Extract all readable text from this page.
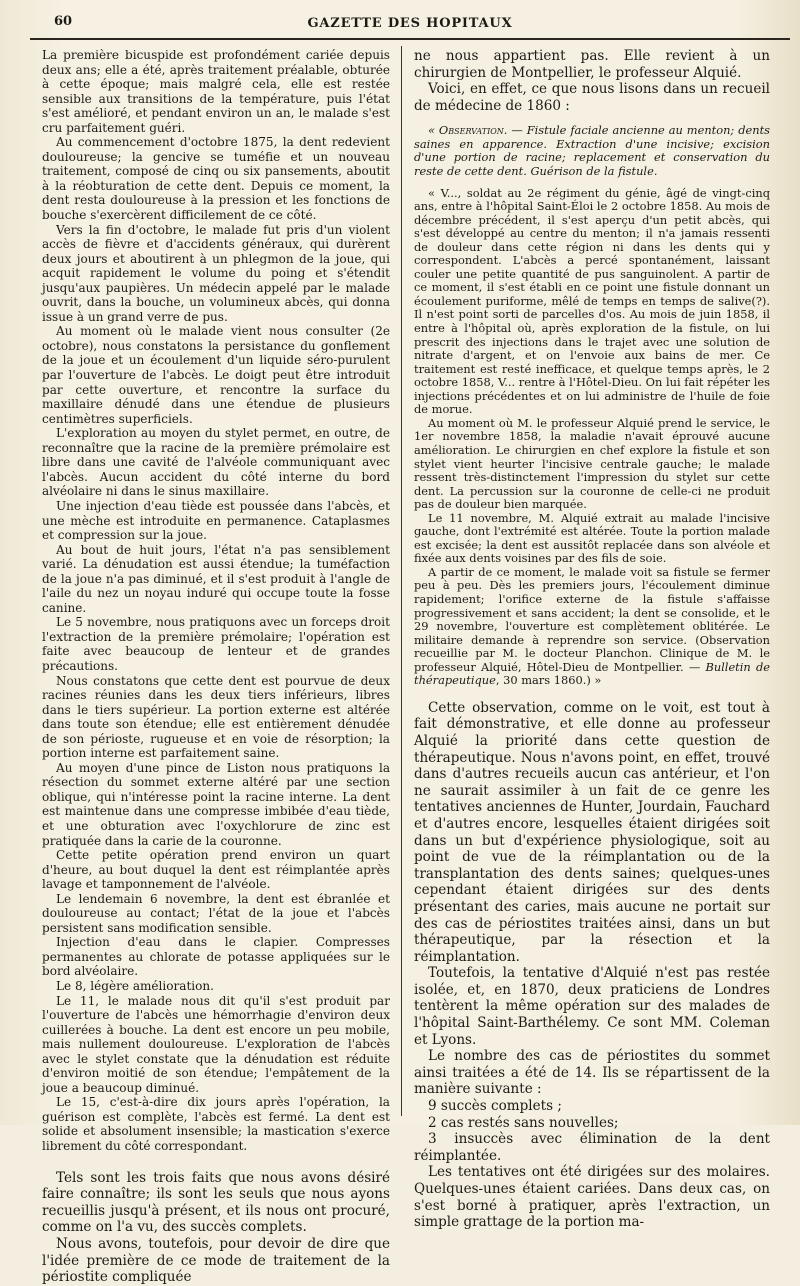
60	GAZETTE DES HOPITAUX

La première bicuspide est profondément cariée depuis deux ans; elle a été, après traitement préalable, obturée à cette époque; mais malgré cela, elle est restée sensible aux transitions de la température, puis l'état s'est amélioré, et pendant environ un an, le malade s'est cru parfaitement guéri.

Au commencement d'octobre 1875, la dent redevient douloureuse; la gencive se tuméfie et un nouveau traitement, composé de cinq ou six pansements, aboutit à la réobturation de cette dent. Depuis ce moment, la dent resta douloureuse à la pression et les fonctions de bouche s'exercèrent difficilement de ce côté.

Vers la fin d'octobre, le malade fut pris d'un violent accès de fièvre et d'accidents généraux, qui durèrent deux jours et aboutirent à un phlegmon de la joue, qui acquit rapidement le volume du poing et s'étendit jusqu'aux paupières. Un médecin appelé par le malade ouvrit, dans la bouche, un volumineux abcès, qui donna issue à un grand verre de pus.

Au moment où le malade vient nous consulter (2e octobre), nous constatons la persistance du gonflement de la joue et un écoulement d'un liquide séro-purulent par l'ouverture de l'abcès. Le doigt peut être introduit par cette ouverture, et rencontre la surface du maxillaire dénudé dans une étendue de plusieurs centimètres superficiels.

L'exploration au moyen du stylet permet, en outre, de reconnaître que la racine de la première prémolaire est libre dans une cavité de l'alvéole communiquant avec l'abcès. Aucun accident du côté interne du bord alvéolaire ni dans le sinus maxillaire.

Une injection d'eau tiède est poussée dans l'abcès, et une mèche est introduite en permanence. Cataplasmes et compression sur la joue.

Au bout de huit jours, l'état n'a pas sensiblement varié. La dénudation est aussi étendue; la tuméfaction de la joue n'a pas diminué, et il s'est produit à l'angle de l'aile du nez un noyau induré qui occupe toute la fosse canine.

Le 5 novembre, nous pratiquons avec un forceps droit l'extraction de la première prémolaire; l'opération est faite avec beaucoup de lenteur et de grandes précautions.

Nous constatons que cette dent est pourvue de deux racines réunies dans les deux tiers inférieurs, libres dans le tiers supérieur. La portion externe est altérée dans toute son étendue; elle est entièrement dénudée de son périoste, rugueuse et en voie de résorption; la portion interne est parfaitement saine.

Au moyen d'une pince de Liston nous pratiquons la résection du sommet externe altéré par une section oblique, qui n'intéresse point la racine interne. La dent est maintenue dans une compresse imbibée d'eau tiède, et une obturation avec l'oxychlorure de zinc est pratiquée dans la carie de la couronne.

Cette petite opération prend environ un quart d'heure, au bout duquel la dent est réimplantée après lavage et tamponnement de l'alvéole.

Le lendemain 6 novembre, la dent est ébranlée et douloureuse au contact; l'état de la joue et l'abcès persistent sans modification sensible.

Injection d'eau dans le clapier. Compresses permanentes au chlorate de potasse appliquées sur le bord alvéolaire.

Le 8, légère amélioration.

Le 11, le malade nous dit qu'il s'est produit par l'ouverture de l'abcès une hémorrhagie d'environ deux cuillerées à bouche. La dent est encore un peu mobile, mais nullement douloureuse. L'exploration de l'abcès avec le stylet constate que la dénudation est réduite d'environ moitié de son étendue; l'empâtement de la joue a beaucoup diminué.

Le 15, c'est-à-dire dix jours après l'opération, la guérison est complète, l'abcès est fermé. La dent est solide et absolument insensible; la mastication s'exerce librement du côté correspondant.

Tels sont les trois faits que nous avons désiré faire connaître; ils sont les seuls que nous ayons recueillis jusqu'à présent, et ils nous ont procuré, comme on l'a vu, des succès complets.

Nous avons, toutefois, pour devoir de dire que l'idée première de ce mode de traitement de la périostite compliquée

ne nous appartient pas. Elle revient à un chirurgien de Montpellier, le professeur Alquié.

Voici, en effet, ce que nous lisons dans un recueil de médecine de 1860 :

« Observation. — Fistule faciale ancienne au menton; dents saines en apparence. Extraction d'une incisive; excision d'une portion de racine; replacement et conservation du reste de cette dent. Guérison de la fistule.

« V..., soldat au 2e régiment du génie, âgé de vingt-cinq ans, entre à l'hôpital Saint-Éloi le 2 octobre 1858. Au mois de décembre précédent, il s'est aperçu d'un petit abcès, qui s'est développé au centre du menton; il n'a jamais ressenti de douleur dans cette région ni dans les dents qui y correspondent. L'abcès a percé spontanément, laissant couler une petite quantité de pus sanguinolent. A partir de ce moment, il s'est établi en ce point une fistule donnant un écoulement puriforme, mêlé de temps en temps de salive(?). Il n'est point sorti de parcelles d'os. Au mois de juin 1858, il entre à l'hôpital où, après exploration de la fistule, on lui prescrit des injections dans le trajet avec une solution de nitrate d'argent, et on l'envoie aux bains de mer. Ce traitement est resté inefficace, et quelque temps après, le 2 octobre 1858, V... rentre à l'Hôtel-Dieu. On lui fait répéter les injections précédentes et on lui administre de l'huile de foie de morue.

Au moment où M. le professeur Alquié prend le service, le 1er novembre 1858, la maladie n'avait éprouvé aucune amélioration. Le chirurgien en chef explore la fistule et son stylet vient heurter l'incisive centrale gauche; le malade ressent très-distinctement l'impression du stylet sur cette dent. La percussion sur la couronne de celle-ci ne produit pas de douleur bien marquée.

Le 11 novembre, M. Alquié extrait au malade l'incisive gauche, dont l'extrémité est altérée. Toute la portion malade est excisée; la dent est aussitôt replacée dans son alvéole et fixée aux dents voisines par des fils de soie.

A partir de ce moment, le malade voit sa fistule se fermer peu à peu. Dès les premiers jours, l'écoulement diminue rapidement; l'orifice externe de la fistule s'affaisse progressivement et sans accident; la dent se consolide, et le 29 novembre, l'ouverture est complètement oblitérée. Le militaire demande à reprendre son service. (Observation recueillie par M. le docteur Planchon. Clinique de M. le professeur Alquié, Hôtel-Dieu de Montpellier. — Bulletin de thérapeutique, 30 mars 1860.) »

Cette observation, comme on le voit, est tout à fait démonstrative, et elle donne au professeur Alquié la priorité dans cette question de thérapeutique. Nous n'avons point, en effet, trouvé dans d'autres recueils aucun cas antérieur, et l'on ne saurait assimiler à un fait de ce genre les tentatives anciennes de Hunter, Jourdain, Fauchard et d'autres encore, lesquelles étaient dirigées soit dans un but d'expérience physiologique, soit au point de vue de la réimplantation ou de la transplantation des dents saines; quelques-unes cependant étaient dirigées sur des dents présentant des caries, mais aucune ne portait sur des cas de périostites traitées ainsi, dans un but thérapeutique, par la résection et la réimplantation.

Toutefois, la tentative d'Alquié n'est pas restée isolée, et, en 1870, deux praticiens de Londres tentèrent la même opération sur des malades de l'hôpital Saint-Barthélemy. Ce sont MM. Coleman et Lyons.

Le nombre des cas de périostites du sommet ainsi traitées a été de 14. Ils se répartissent de la manière suivante :

9 succès complets ;

2 cas restés sans nouvelles;

3 insuccès avec élimination de la dent réimplantée.

Les tentatives ont été dirigées sur des molaires. Quelques-unes étaient cariées. Dans deux cas, on s'est borné à pratiquer, après l'extraction, un simple grattage de la portion ma-
